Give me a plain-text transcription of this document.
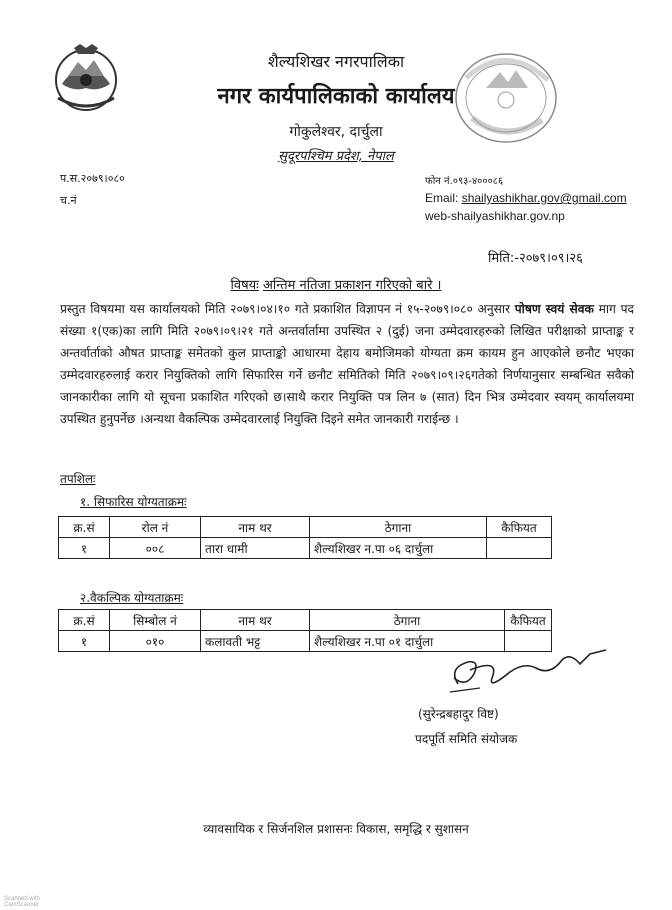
शैल्यशिखर नगरपालिका
नगर कार्यपालिकाको कार्यालय
गोकुलेश्वर, दार्चुला
सुदूरपश्चिम प्रदेश, नेपाल
प.स.२०७९।०८०
च.नं
फोन नं.०९३-४०००८६
Email: shailyashikhar.gov@gmail.com
web-shailyashikhar.gov.np
मिति:-२०७९।०९।२६
विषयः अन्तिम नतिजा प्रकाशन गरिएको बारे ।
प्रस्तुत विषयमा यस कार्यालयको मिति २०७९।०४।१० गते प्रकाशित विज्ञापन नं १५-२०७९।०८० अनुसार पोषण स्वयं सेवक माग पद संख्या १(एक)का लागि मिति २०७९।०९।२१ गते अन्तर्वार्तामा उपस्थित २ (दुई) जना उम्मेदवारहरुको लिखित परीक्षाको प्राप्ताङ्क र अन्तर्वार्ताको औषत प्राप्ताङ्क समेतको कुल प्राप्ताङ्को आधारमा देहाय बमोजिमको योग्यता क्रम कायम हुन आएकोले छनौट भएका उम्मेदवारहरुलाई करार नियुक्तिको लागि सिफारिस गर्ने छनौट समितिको मिति २०७९।०९।२६गतेको निर्णयानुसार सम्बन्धित सवैको जानकारीका लागि यो सूचना प्रकाशित गरिएको छ।साथै करार नियुक्ति पत्र लिन ७ (सात) दिन भित्र उम्मेदवार स्वयम् कार्यालयमा उपस्थित हुनुपर्नेछ ।अन्यथा वैकल्पिक उम्मेदवारलाई नियुक्ति दिइने समेत जानकारी गराईन्छ ।
तपशिलः
१. सिफारिस योग्यताक्रमः
क्र.सं	रोल नं	नाम थर	ठेगाना	कैफियत
१	००८	तारा धामी	शैल्यशिखर न.पा ०६ दार्चुला	
२.वैकल्पिक योग्यताक्रमः
क्र.सं	सिम्बोल नं	नाम थर	ठेगाना	कैफियत
१	०१०	कलावती भट्ट	शैल्यशिखर न.पा ०१ दार्चुला	
(सुरेन्द्रबहादुर विष्ट)
पदपूर्ति समिति संयोजक
व्यावसायिक र सिर्जनशिल प्रशासनः विकास, समृद्धि र सुशासन
Scanned with CamScanner
